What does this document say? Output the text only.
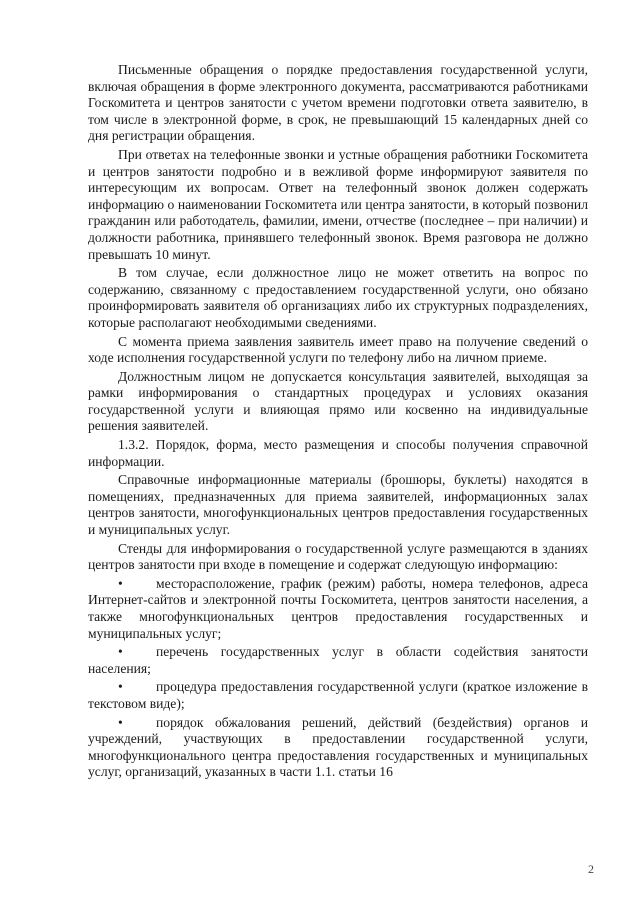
Письменные обращения о порядке предоставления государственной услуги, включая обращения в форме электронного документа, рассматриваются работниками Госкомитета и центров занятости с учетом времени подготовки ответа заявителю, в том числе в электронной форме, в срок, не превышающий 15 календарных дней со дня регистрации обращения.

При ответах на телефонные звонки и устные обращения работники Госкомитета и центров занятости подробно и в вежливой форме информируют заявителя по интересующим их вопросам. Ответ на телефонный звонок должен содержать информацию о наименовании Госкомитета или центра занятости, в который позвонил гражданин или работодатель, фамилии, имени, отчестве (последнее – при наличии) и должности работника, принявшего телефонный звонок. Время разговора не должно превышать 10 минут.

В том случае, если должностное лицо не может ответить на вопрос по содержанию, связанному с предоставлением государственной услуги, оно обязано проинформировать заявителя об организациях либо их структурных подразделениях, которые располагают необходимыми сведениями.

С момента приема заявления заявитель имеет право на получение сведений о ходе исполнения государственной услуги по телефону либо на личном приеме.

Должностным лицом не допускается консультация заявителей, выходящая за рамки информирования о стандартных процедурах и условиях оказания государственной услуги и влияющая прямо или косвенно на индивидуальные решения заявителей.

1.3.2. Порядок, форма, место размещения и способы получения справочной информации.

Справочные информационные материалы (брошюры, буклеты) находятся в помещениях, предназначенных для приема заявителей, информационных залах центров занятости, многофункциональных центров предоставления государственных и муниципальных услуг.

Стенды для информирования о государственной услуге размещаются в зданиях центров занятости при входе в помещение и содержат следующую информацию:

• месторасположение, график (режим) работы, номера телефонов, адреса Интернет-сайтов и электронной почты Госкомитета, центров занятости населения, а также многофункциональных центров предоставления государственных и муниципальных услуг;

• перечень государственных услуг в области содействия занятости населения;

• процедура предоставления государственной услуги (краткое изложение в текстовом виде);

• порядок обжалования решений, действий (бездействия) органов и учреждений, участвующих в предоставлении государственной услуги, многофункционального центра предоставления государственных и муниципальных услуг, организаций, указанных в части 1.1. статьи 16

2
